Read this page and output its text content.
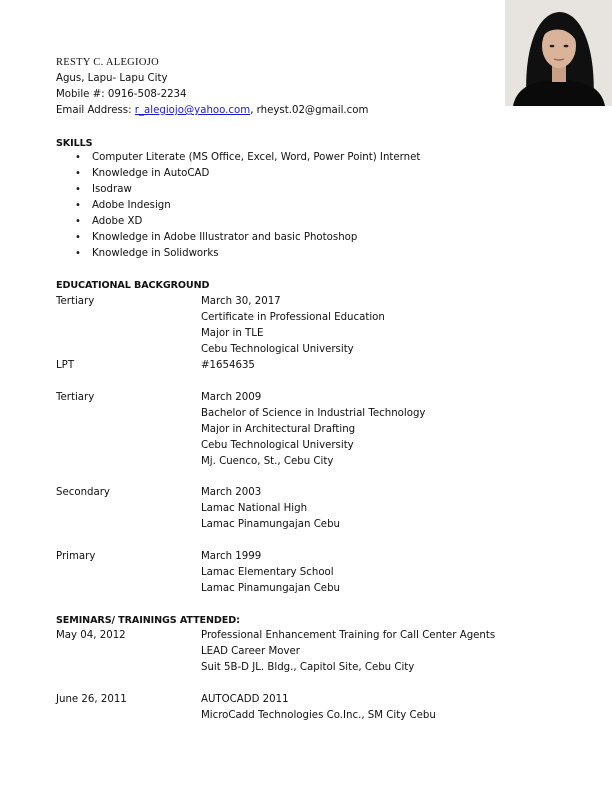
RESTY C. ALEGIOJO
Agus, Lapu- Lapu City
Mobile #: 0916-508-2234
Email Address: r_alegiojo@yahoo.com, rheyst.02@gmail.com
SKILLS
• Computer Literate (MS Office, Excel, Word, Power Point) Internet
• Knowledge in AutoCAD
• Isodraw
• Adobe Indesign
• Adobe XD
• Knowledge in Adobe Illustrator and basic Photoshop
• Knowledge in Solidworks
EDUCATIONAL BACKGROUND
Tertiary	March 30, 2017
Certificate in Professional Education
Major in TLE
Cebu Technological University
LPT	#1654635
Tertiary	March 2009
Bachelor of Science in Industrial Technology
Major in Architectural Drafting
Cebu Technological University
Mj. Cuenco, St., Cebu City
Secondary	March 2003
Lamac National High
Lamac Pinamungajan Cebu
Primary	March 1999
Lamac Elementary School
Lamac Pinamungajan Cebu
SEMINARS/ TRAININGS ATTENDED:
May 04, 2012	Professional Enhancement Training for Call Center Agents
LEAD Career Mover
Suit 5B-D JL. Bldg., Capitol Site, Cebu City
June 26, 2011	AUTOCADD 2011
MicroCadd Technologies Co.Inc., SM City Cebu
